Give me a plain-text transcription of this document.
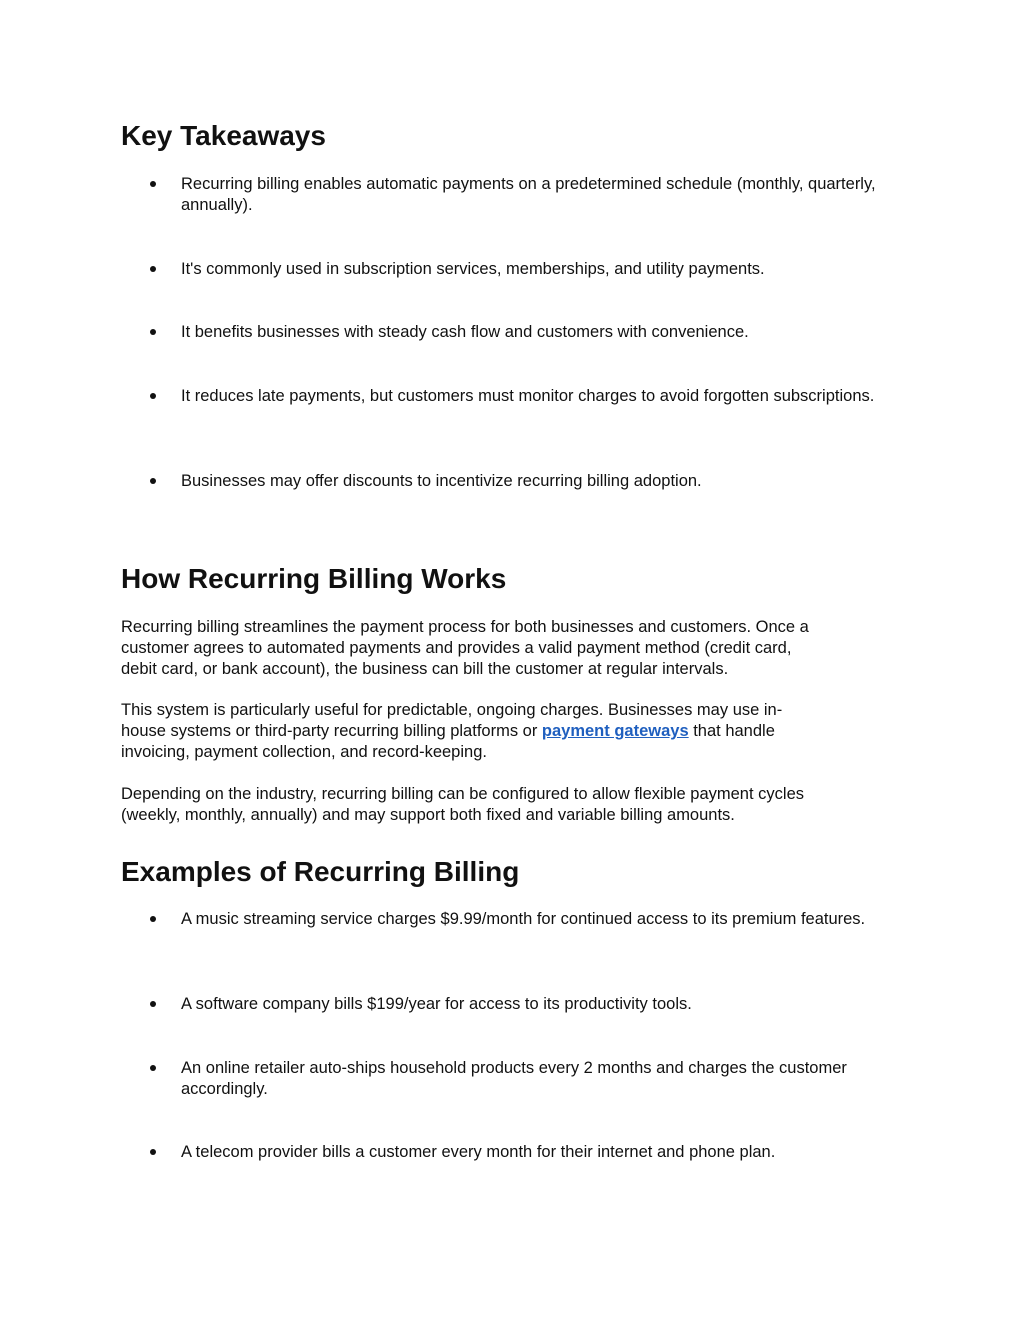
Key Takeaways
Recurring billing enables automatic payments on a predetermined schedule (monthly, quarterly, annually).
It's commonly used in subscription services, memberships, and utility payments.
It benefits businesses with steady cash flow and customers with convenience.
It reduces late payments, but customers must monitor charges to avoid forgotten subscriptions.
Businesses may offer discounts to incentivize recurring billing adoption.
How Recurring Billing Works
Recurring billing streamlines the payment process for both businesses and customers. Once a
customer agrees to automated payments and provides a valid payment method (credit card,
debit card, or bank account), the business can bill the customer at regular intervals.
This system is particularly useful for predictable, ongoing charges. Businesses may use in-
house systems or third-party recurring billing platforms or payment gateways that handle
invoicing, payment collection, and record-keeping.
Depending on the industry, recurring billing can be configured to allow flexible payment cycles
(weekly, monthly, annually) and may support both fixed and variable billing amounts.
Examples of Recurring Billing
A music streaming service charges $9.99/month for continued access to its premium features.
A software company bills $199/year for access to its productivity tools.
An online retailer auto-ships household products every 2 months and charges the customer accordingly.
A telecom provider bills a customer every month for their internet and phone plan.
